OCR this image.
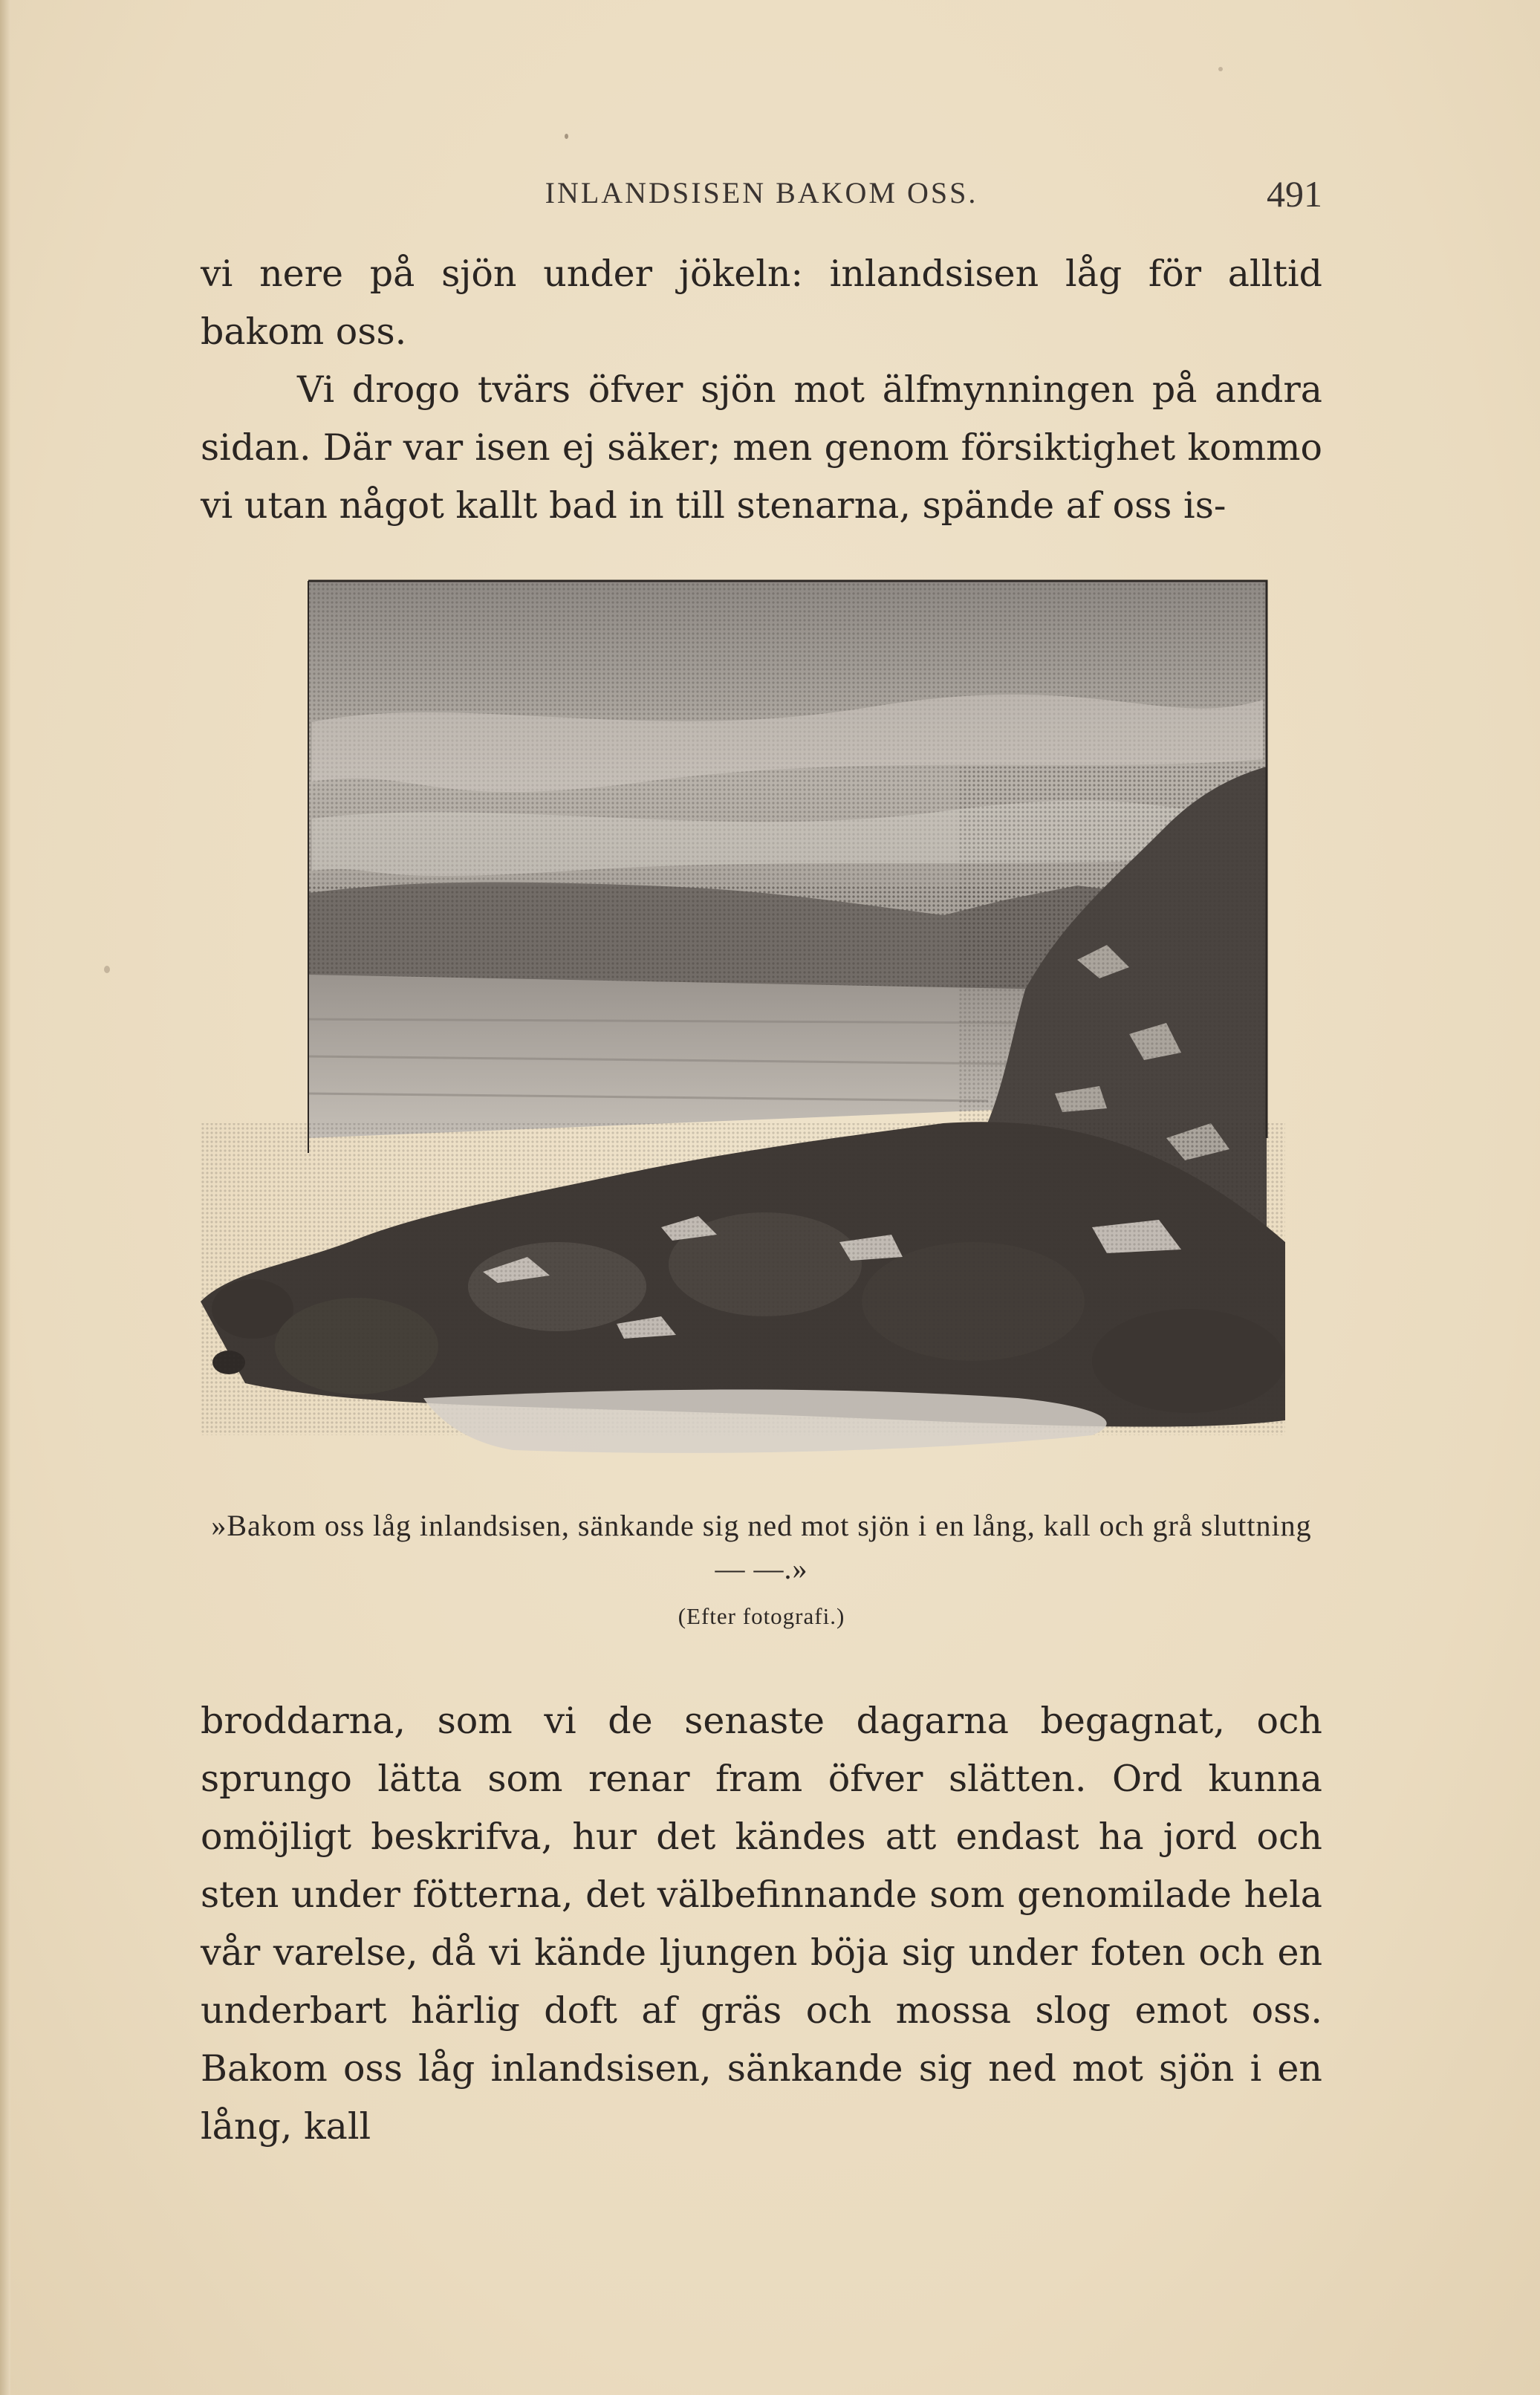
INLANDSISEN BAKOM OSS.	491

vi nere på sjön under jökeln: inlandsisen låg för alltid bakom oss.

Vi drogo tvärs öfver sjön mot älfmynningen på andra sidan. Där var isen ej säker; men genom försiktighet kommo vi utan något kallt bad in till stenarna, spände af oss is-

»Bakom oss låg inlandsisen, sänkande sig ned mot sjön i en lång, kall och grå sluttning — —.»
(Efter fotografi.)

broddarna, som vi de senaste dagarna begagnat, och sprungo lätta som renar fram öfver slätten. Ord kunna omöjligt beskrifva, hur det kändes att endast ha jord och sten under fötterna, det välbefinnande som genomilade hela vår varelse, då vi kände ljungen böja sig under foten och en underbart härlig doft af gräs och mossa slog emot oss. Bakom oss låg inlandsisen, sänkande sig ned mot sjön i en lång, kall
